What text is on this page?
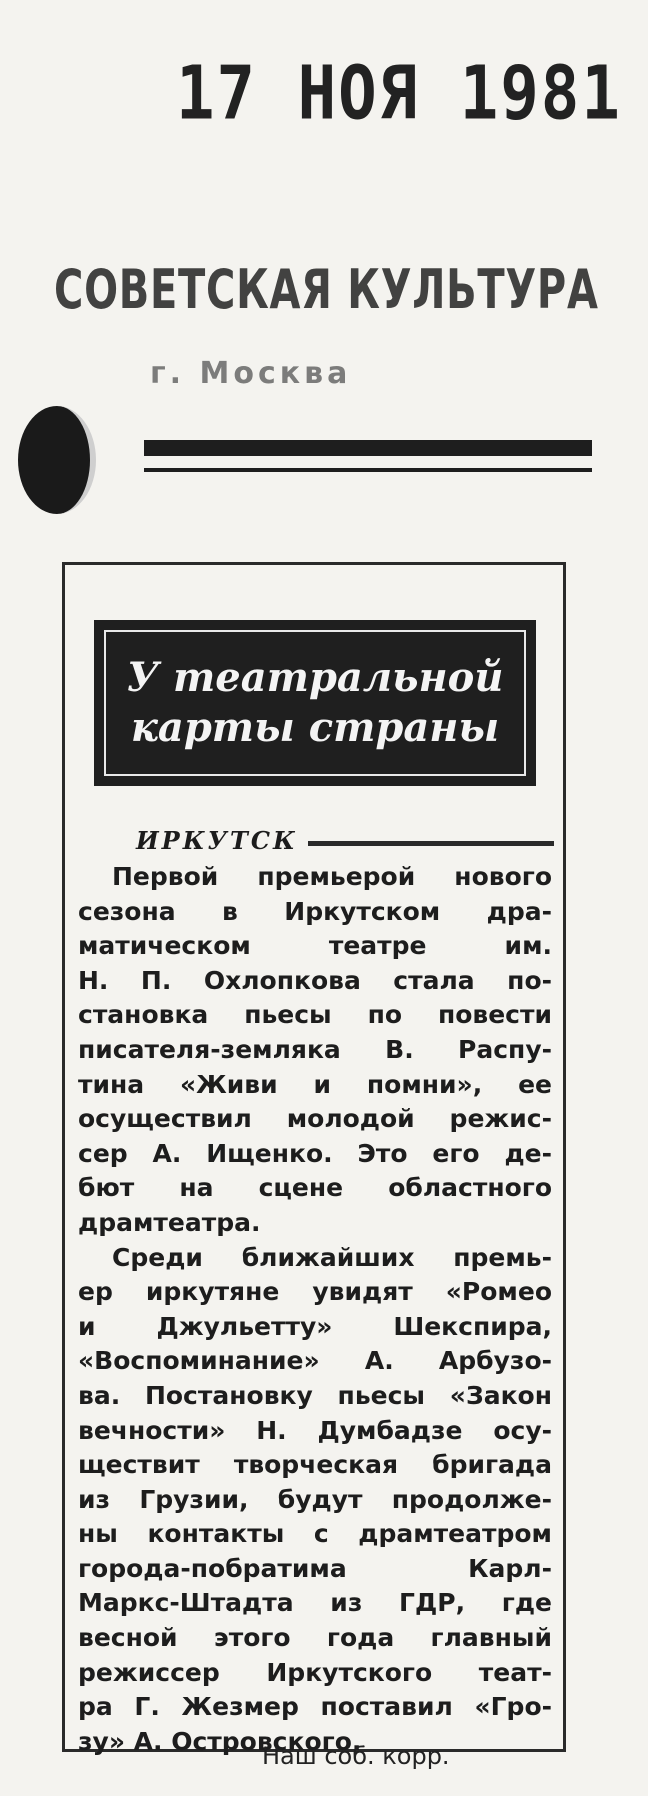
17 НОЯ 1981
СОВЕТСКАЯ КУЛЬТУРА
г. Москва
У театральной
карты страны
ИРКУТСК
Первой премьерой нового
сезона в Иркутском дра-
матическом театре им.
Н. П. Охлопкова стала по-
становка пьесы по повести
писателя-земляка В. Распу-
тина «Живи и помни», ее
осуществил молодой режис-
сер А. Ищенко. Это его де-
бют на сцене областного
драмтеатра.
Среди ближайших премь-
ер иркутяне увидят «Ромео
и Джульетту» Шекспира,
«Воспоминание» А. Арбузо-
ва. Постановку пьесы «Закон
вечности» Н. Думбадзе осу-
ществит творческая бригада
из Грузии, будут продолже-
ны контакты с драмтеатром
города-побратима Карл-
Маркс-Штадта из ГДР, где
весной этого года главный
режиссер Иркутского теат-
ра Г. Жезмер поставил «Гро-
зу» А. Островского.
Наш соб. корр.
